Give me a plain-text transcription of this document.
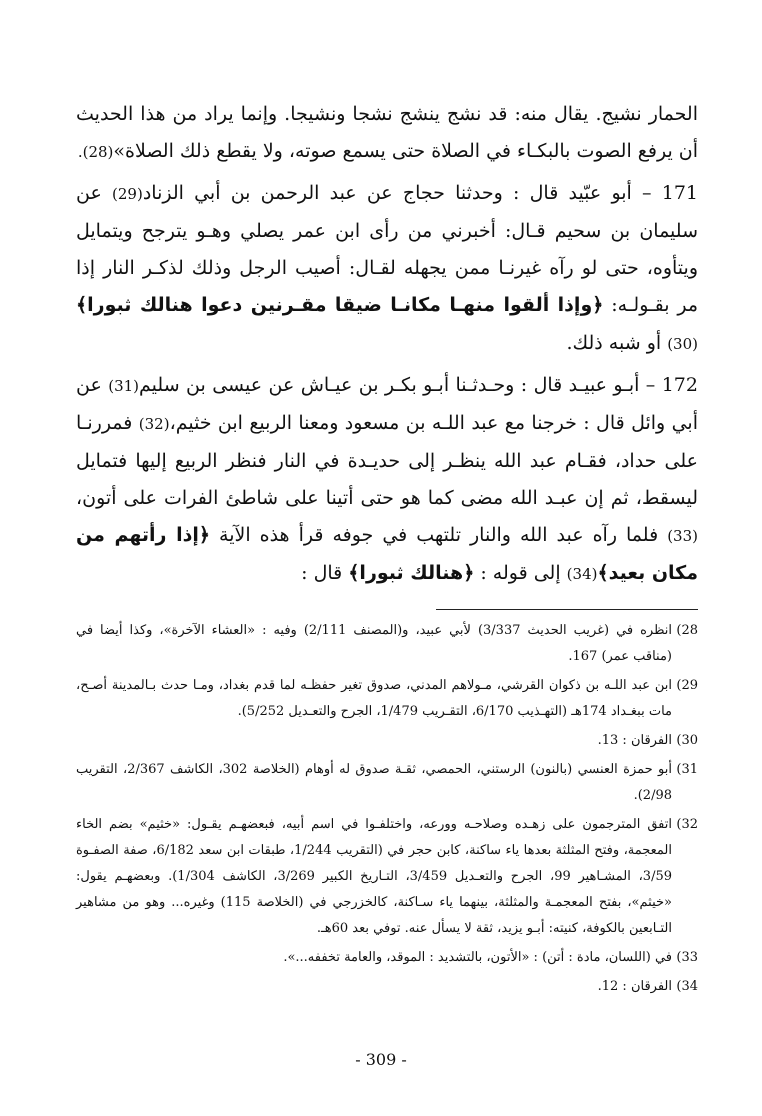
الحمار نشيج. يقال منه: قد نشج ينشج نشجا ونشيجا. وإنما يراد من هذا الحديث أن يرفع الصوت بالبكـاء في الصلاة حتى يسمع صوته، ولا يقطع ذلك الصلاة»(28).

171 – أبو عبّيد قال : وحدثنا حجاج عن عبد الرحمن بن أبي الزناد(29) عن سليمان بن سحيم قـال: أخبرني من رأى ابن عمر يصلي وهـو يترجح ويتمايل ويتأوه، حتى لو رآه غيرنـا ممن يجهله لقـال: أصيب الرجل وذلك لذكـر النار إذا مر بقـولـه: ﴿وإذا ألقوا منهـا مكانـا ضيقا مقـرنين دعوا هنالك ثبورا﴾ (30) أو شبه ذلك.

172 – أبـو عبيـد قال : وحـدثـنا أبـو بكـر بن عيـاش عن عيسى بن سليم(31) عن أبي وائل قال : خرجنا مع عبد اللـه بن مسعود ومعنا الربيع ابن خثيم،(32) فمررنـا على حداد، فقـام عبد الله ينظـر إلى حديـدة في النار فنظر الربيع إليها فتمايل ليسقط، ثم إن عبـد الله مضى كما هو حتى أتينا على شاطئ الفرات على أتون،(33) فلما رآه عبد الله والنار تلتهب في جوفه قرأ هذه الآية ﴿إذا رأتهم من مكان بعيد﴾(34) إلى قوله : ﴿هنالك ثبورا﴾ قال :

28)
انظره في (غريب الحديث 3/337) لأبي عبيد، و(المصنف 2/111) وفيه : «العشاء الآخرة»، وكذا أيضا في (مناقب عمر) 167.
29)
ابن عبد اللـه بن ذكوان القرشي، مـولاهم المدني، صدوق تغير حفظـه لما قدم بغداد، ومـا حدث بـالمدينة أصـح، مات ببغـداد 174هـ (التهـذيب 6/170، التقـريب 1/479، الجرح والتعـديل 5/252).
30)
الفرقان : 13.
31)
أبو حمزة العنسي (بالنون) الرستني، الحمصي، ثقـة صدوق له أوهام (الخلاصة 302، الكاشف 2/367، التقريب 2/98).
32)
اتفق المترجمون على زهـده وصلاحـه وورعه، واختلفـوا في اسم أبيه، فبعضهـم يقـول: «خثيم» بضم الخاء المعجمة، وفتح المثلثة بعدها ياء ساكنة، كابن حجر في (التقريب 1/244، طبقات ابن سعد 6/182، صفة الصفـوة 3/59، المشـاهير 99، الجرح والتعـديل 3/459، التـاريخ الكبير 3/269، الكاشف 1/304). وبعضهـم يقول: «خيثم»، بفتح المعجمـة والمثلثة، بينهما ياء سـاكنة، كالخزرجي في (الخلاصة 115) وغيره... وهو من مشاهير التـابعين بالكوفة، كنيته: أبـو يزيد، ثقة لا يسأل عنه. توفي بعد 60هـ.
33)
في (اللسان، مادة : أتن) : «الأتون، بالتشديد : الموقد، والعامة تخففه...».
34)
الفرقان : 12.
- 309 -
